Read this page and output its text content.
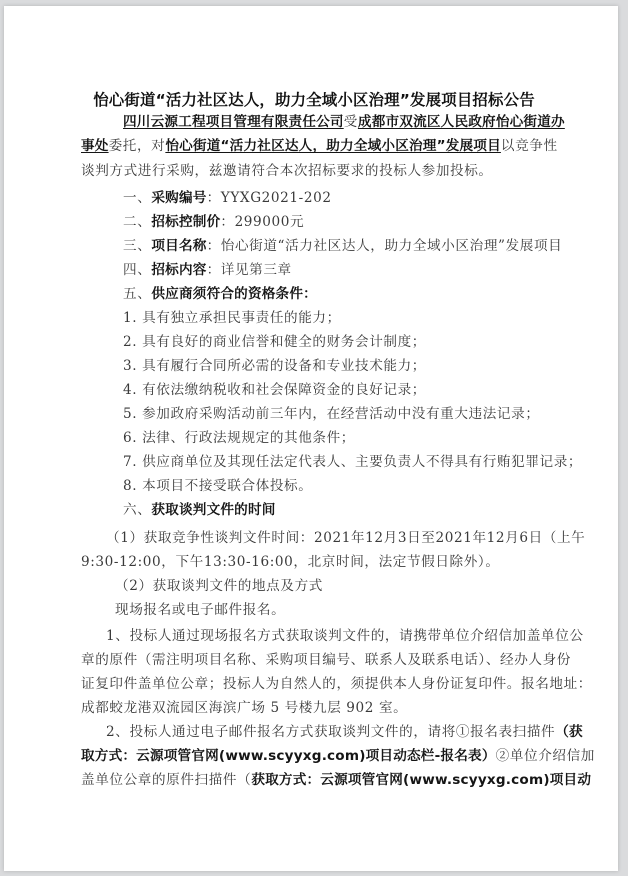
怡心街道“活力社区达人，助力全域小区治理”发展项目招标公告
四川云源工程项目管理有限责任公司受成都市双流区人民政府怡心街道办
事处委托，对怡心街道“活力社区达人，助力全域小区治理”发展项目以竞争性
谈判方式进行采购，兹邀请符合本次招标要求的投标人参加投标。
一、采购编号：YYXG2021-202
二、招标控制价：299000元
三、项目名称：怡心街道“活力社区达人，助力全域小区治理”发展项目
四、招标内容：详见第三章
五、供应商须符合的资格条件：
1. 具有独立承担民事责任的能力；
2. 具有良好的商业信誉和健全的财务会计制度；
3. 具有履行合同所必需的设备和专业技术能力；
4. 有依法缴纳税收和社会保障资金的良好记录；
5. 参加政府采购活动前三年内，在经营活动中没有重大违法记录；
6. 法律、行政法规规定的其他条件；
7. 供应商单位及其现任法定代表人、主要负责人不得具有行贿犯罪记录；
8. 本项目不接受联合体投标。
六、获取谈判文件的时间
（1）获取竞争性谈判文件时间：2021年12月3日至2021年12月6日（上午
9:30-12:00，下午13:30-16:00，北京时间，法定节假日除外）。
（2）获取谈判文件的地点及方式
现场报名或电子邮件报名。
1、投标人通过现场报名方式获取谈判文件的，请携带单位介绍信加盖单位公
章的原件（需注明项目名称、采购项目编号、联系人及联系电话）、经办人身份
证复印件盖单位公章；投标人为自然人的，须提供本人身份证复印件。报名地址：
成都蛟龙港双流园区海滨广场 5 号楼九层 902 室。
2、投标人通过电子邮件报名方式获取谈判文件的，请将①报名表扫描件（获
取方式：云源项管官网(www.scyyxg.com)项目动态栏-报名表）②单位介绍信加
盖单位公章的原件扫描件（获取方式：云源项管官网(www.scyyxg.com)项目动
